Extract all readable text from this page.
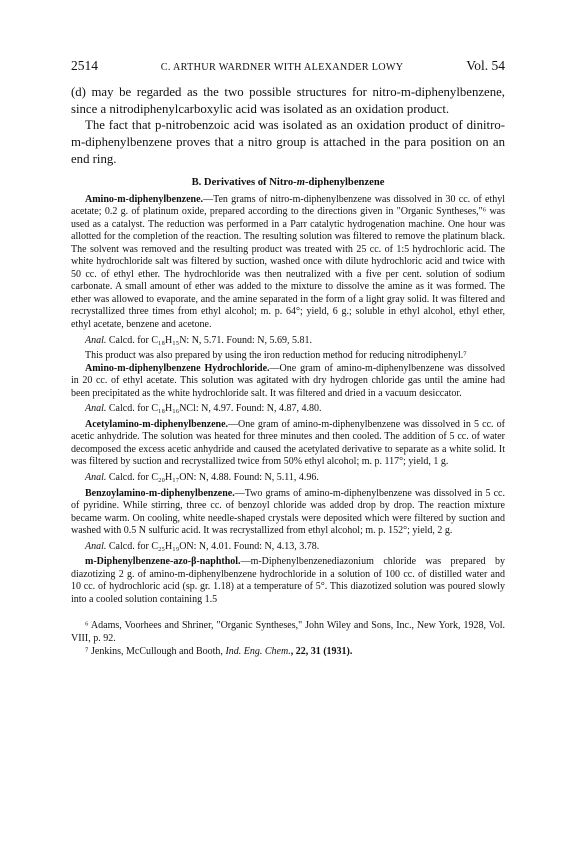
2514	C. ARTHUR WARDNER WITH ALEXANDER LOWY	Vol. 54

(d) may be regarded as the two possible structures for nitro-m-diphenylbenzene, since a nitrodiphenylcarboxylic acid was isolated as an oxidation product.

The fact that p-nitrobenzoic acid was isolated as an oxidation product of dinitro-m-diphenylbenzene proves that a nitro group is attached in the para position on an end ring.

B. Derivatives of Nitro-m-diphenylbenzene

Amino-m-diphenylbenzene.—Ten grams of nitro-m-diphenylbenzene was dissolved in 30 cc. of ethyl acetate; 0.2 g. of platinum oxide, prepared according to the directions given in "Organic Syntheses,"⁶ was used as a catalyst. The reduction was performed in a Parr catalytic hydrogenation machine. One hour was allotted for the completion of the reaction. The resulting solution was filtered to remove the platinum black. The solvent was removed and the resulting product was treated with 25 cc. of 1:5 hydrochloric acid. The white hydrochloride salt was filtered by suction, washed once with dilute hydrochloric acid and twice with 50 cc. of ethyl ether. The hydrochloride was then neutralized with a five per cent. solution of sodium carbonate. A small amount of ether was added to the mixture to dissolve the amine as it was formed. The ether was allowed to evaporate, and the amine separated in the form of a light gray solid. It was filtered and recrystallized three times from ethyl alcohol; m. p. 64°; yield, 6 g.; soluble in ethyl alcohol, ethyl ether, ethyl acetate, benzene and acetone.

Anal. Calcd. for C₁₈H₁₅N: N, 5.71. Found: N, 5.69, 5.81.

This product was also prepared by using the iron reduction method for reducing nitrodiphenyl.⁷

Amino-m-diphenylbenzene Hydrochloride.—One gram of amino-m-diphenylbenzene was dissolved in 20 cc. of ethyl acetate. This solution was agitated with dry hydrogen chloride gas until the amine had been precipitated as the white hydrochloride salt. It was filtered and dried in a vacuum desiccator.

Anal. Calcd. for C₁₈H₁₆NCl: N, 4.97. Found: N, 4.87, 4.80.

Acetylamino-m-diphenylbenzene.—One gram of amino-m-diphenylbenzene was dissolved in 5 cc. of acetic anhydride. The solution was heated for three minutes and then cooled. The addition of 5 cc. of water decomposed the excess acetic anhydride and caused the acetylated derivative to separate as a white solid. It was filtered by suction and recrystallized twice from 50% ethyl alcohol; m. p. 117°; yield, 1 g.

Anal. Calcd. for C₂₀H₁₇ON: N, 4.88. Found: N, 5.11, 4.96.

Benzoylamino-m-diphenylbenzene.—Two grams of amino-m-diphenylbenzene was dissolved in 5 cc. of pyridine. While stirring, three cc. of benzoyl chloride was added drop by drop. The reaction mixture became warm. On cooling, white needle-shaped crystals were deposited which were filtered by suction and washed with 0.5 N sulfuric acid. It was recrystallized from ethyl alcohol; m. p. 152°; yield, 2 g.

Anal. Calcd. for C₂₅H₁₉ON: N, 4.01. Found: N, 4.13, 3.78.

m-Diphenylbenzene-azo-β-naphthol.—m-Diphenylbenzenediazonium chloride was prepared by diazotizing 2 g. of amino-m-diphenylbenzene hydrochloride in a solution of 100 cc. of distilled water and 10 cc. of hydrochloric acid (sp. gr. 1.18) at a temperature of 5°. This diazotized solution was poured slowly into a cooled solution containing 1.5

⁶ Adams, Voorhees and Shriner, "Organic Syntheses," John Wiley and Sons, Inc., New York, 1928, Vol. VIII, p. 92.

⁷ Jenkins, McCullough and Booth, Ind. Eng. Chem., 22, 31 (1931).
